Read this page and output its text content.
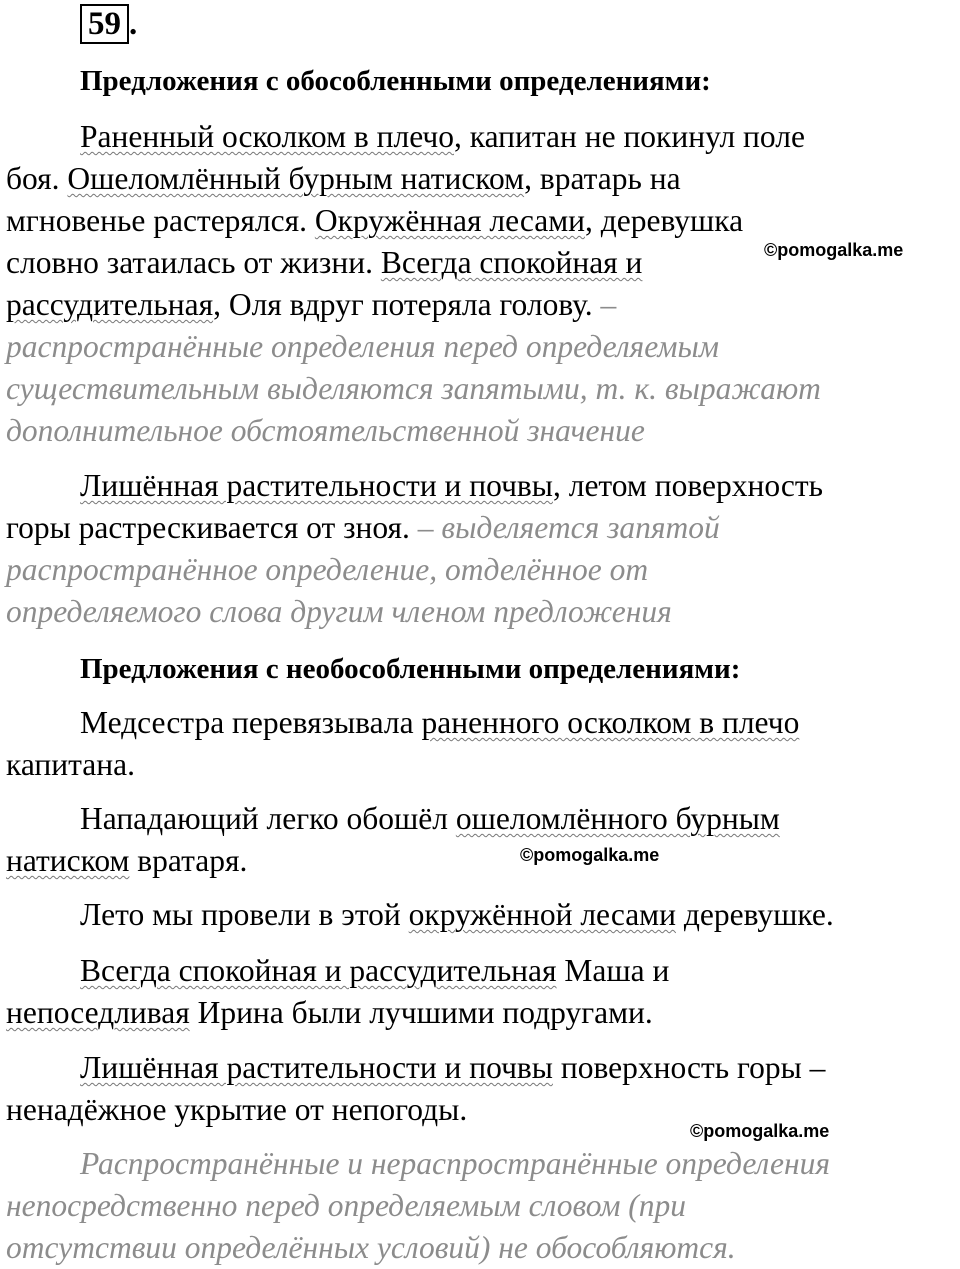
59 .
Предложения с обособленными определениями:
Раненный осколком в плечо, капитан не покинул поле
боя. Ошеломлённый бурным натиском, вратарь на
мгновенье растерялся. Окружённая лесами, деревушка
словно затаилась от жизни. Всегда спокойная и
рассудительная, Оля вдруг потеряла голову. –
распространённые определения перед определяемым
существительным выделяются запятыми, т. к. выражают
дополнительное обстоятельственной значение
©pomogalka.me
Лишённая растительности и почвы, летом поверхность
горы растрескивается от зноя. – выделяется запятой
распространённое определение, отделённое от
определяемого слова другим членом предложения
Предложения с необособленными определениями:
Медсестра перевязывала раненного осколком в плечо
капитана.
Нападающий легко обошёл ошеломлённого бурным
натиском вратаря.	©pomogalka.me
Лето мы провели в этой окружённой лесами деревушке.
Всегда спокойная и рассудительная Маша и
непоседливая Ирина были лучшими подругами.
Лишённая растительности и почвы поверхность горы –
ненадёжное укрытие от непогоды.
©pomogalka.me
Распространённые и нераспространённые определения
непосредственно перед определяемым словом (при
отсутствии определённых условий) не обособляются.
